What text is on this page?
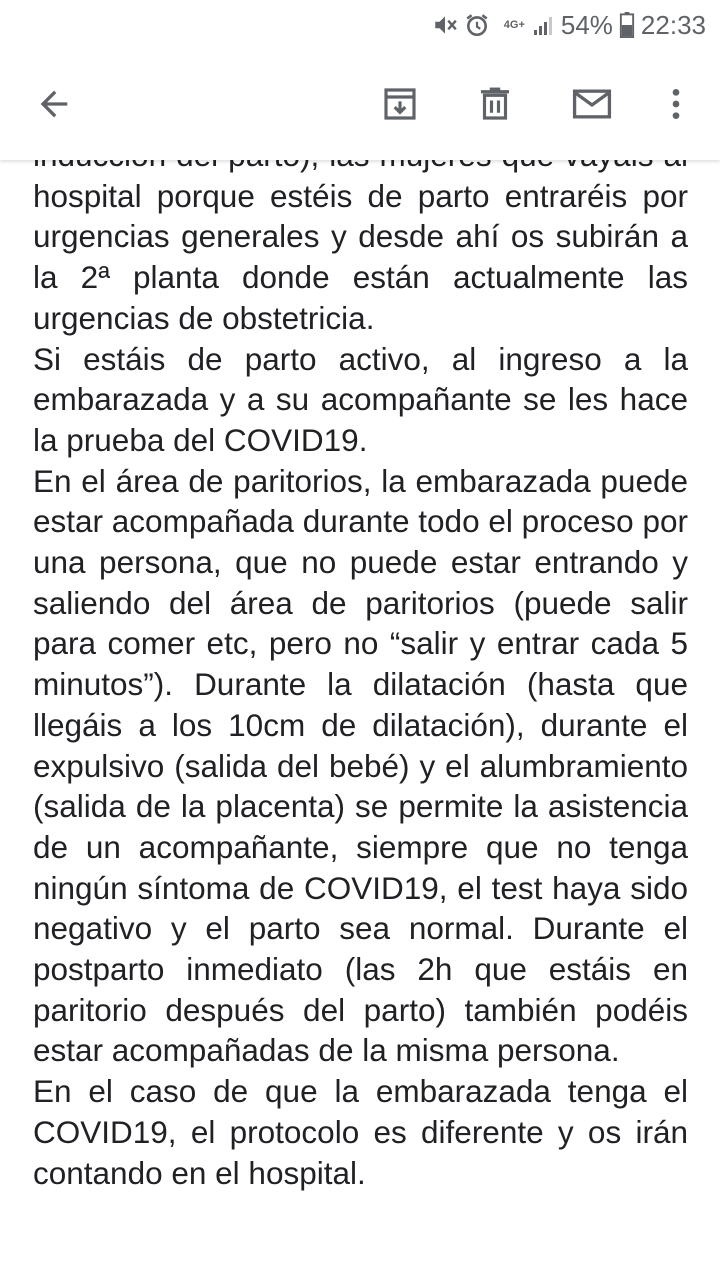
4G+ 54% 22:33

hospital porque estéis de parto entraréis por urgencias generales y desde ahí os subirán a la 2ª planta donde están actualmente las urgencias de obstetricia.

Si estáis de parto activo, al ingreso a la embarazada y a su acompañante se les hace la prueba del COVID19.

En el área de paritorios, la embarazada puede estar acompañada durante todo el proceso por una persona, que no puede estar entrando y saliendo del área de paritorios (puede salir para comer etc, pero no “salir y entrar cada 5 minutos”). Durante la dilatación (hasta que llegáis a los 10cm de dilatación), durante el expulsivo (salida del bebé) y el alumbramiento (salida de la placenta) se permite la asistencia de un acompañante, siempre que no tenga ningún síntoma de COVID19, el test haya sido negativo y el parto sea normal. Durante el postparto inmediato (las 2h que estáis en paritorio después del parto) también podéis estar acompañadas de la misma persona.

En el caso de que la embarazada tenga el COVID19, el protocolo es diferente y os irán contando en el hospital.
